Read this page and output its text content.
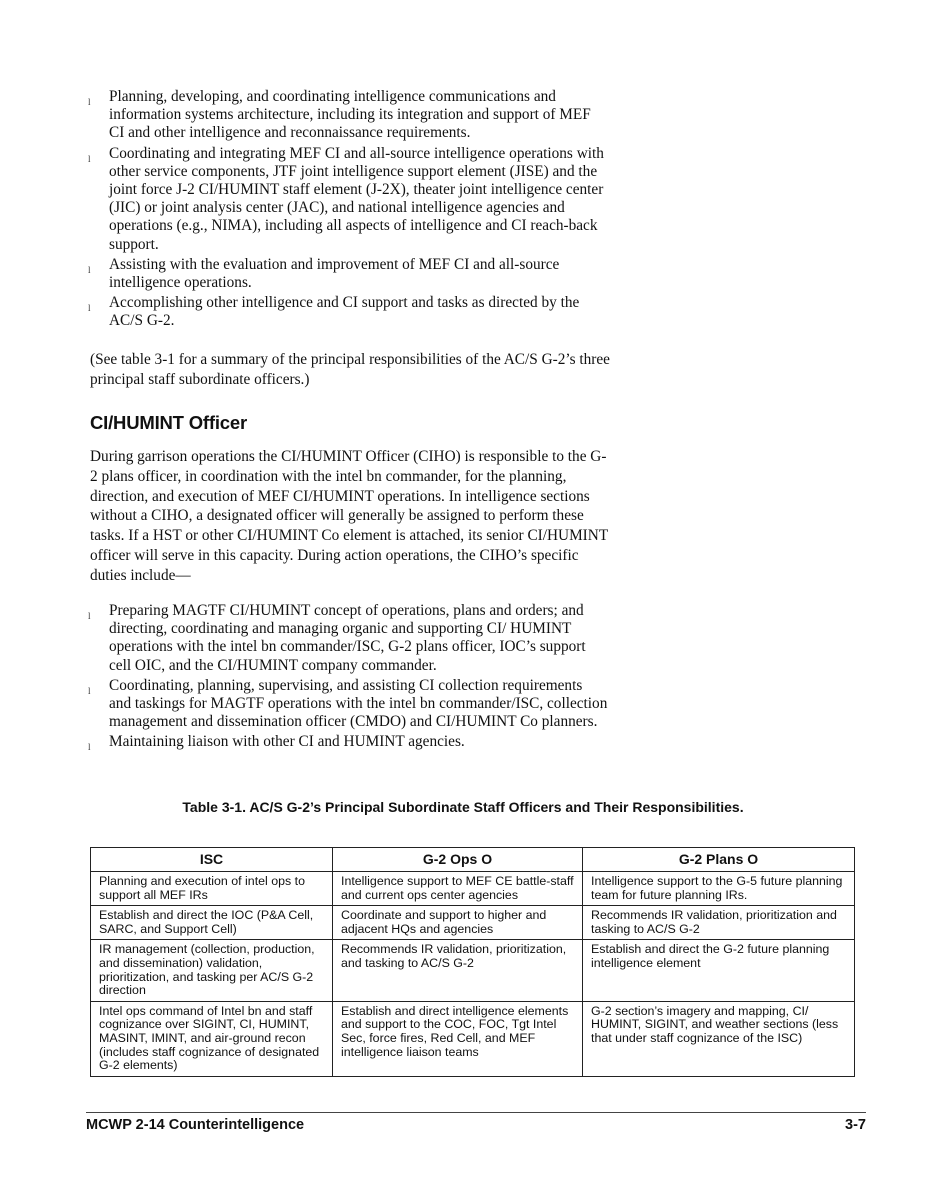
l Planning, developing, and coordinating intelligence communications and information systems architecture, including its integration and support of MEF CI and other intelligence and reconnaissance requirements.
l Coordinating and integrating MEF CI and all-source intelligence operations with other service components, JTF joint intelligence support element (JISE) and the joint force J-2 CI/HUMINT staff element (J-2X), theater joint intelligence center (JIC) or joint analysis center (JAC), and national intelligence agencies and operations (e.g., NIMA), including all aspects of intelligence and CI reach-back support.
l Assisting with the evaluation and improvement of MEF CI and all-source intelligence operations.
l Accomplishing other intelligence and CI support and tasks as directed by the AC/S G-2.

(See table 3-1 for a summary of the principal responsibilities of the AC/S G-2’s three principal staff subordinate officers.)

CI/HUMINT Officer

During garrison operations the CI/HUMINT Officer (CIHO) is responsible to the G-2 plans officer, in coordination with the intel bn commander, for the planning, direction, and execution of MEF CI/HUMINT operations. In intelligence sections without a CIHO, a designated officer will generally be assigned to perform these tasks. If a HST or other CI/HUMINT Co element is attached, its senior CI/HUMINT officer will serve in this capacity. During action operations, the CIHO’s specific duties include—

l Preparing MAGTF CI/HUMINT concept of operations, plans and orders; and directing, coordinating and managing organic and supporting CI/ HUMINT operations with the intel bn commander/ISC, G-2 plans officer, IOC’s support cell OIC, and the CI/HUMINT company commander.
l Coordinating, planning, supervising, and assisting CI collection requirements and taskings for MAGTF operations with the intel bn commander/ISC, collection management and dissemination officer (CMDO) and CI/HUMINT Co planners.
l Maintaining liaison with other CI and HUMINT agencies.

Table 3-1. AC/S G-2’s Principal Subordinate Staff Officers and Their Responsibilities.

ISC	G-2 Ops O	G-2 Plans O
Planning and execution of intel ops to support all MEF IRs	Intelligence support to MEF CE battle-staff and current ops center agencies	Intelligence support to the G-5 future planning team for future planning IRs.
Establish and direct the IOC (P&A Cell, SARC, and Support Cell)	Coordinate and support to higher and adjacent HQs and agencies	Recommends IR validation, prioritization and tasking to AC/S G-2
IR management (collection, production, and dissemination) validation, prioritization, and tasking per AC/S G-2 direction	Recommends IR validation, prioritization, and tasking to AC/S G-2	Establish and direct the G-2 future planning intelligence element
Intel ops command of Intel bn and staff cognizance over SIGINT, CI, HUMINT, MASINT, IMINT, and air-ground recon (includes staff cognizance of designated G-2 elements)	Establish and direct intelligence elements and support to the COC, FOC, Tgt Intel Sec, force fires, Red Cell, and MEF intelligence liaison teams	G-2 section’s imagery and mapping, CI/ HUMINT, SIGINT, and weather sections (less that under staff cognizance of the ISC)

MCWP 2-14 Counterintelligence	3-7
